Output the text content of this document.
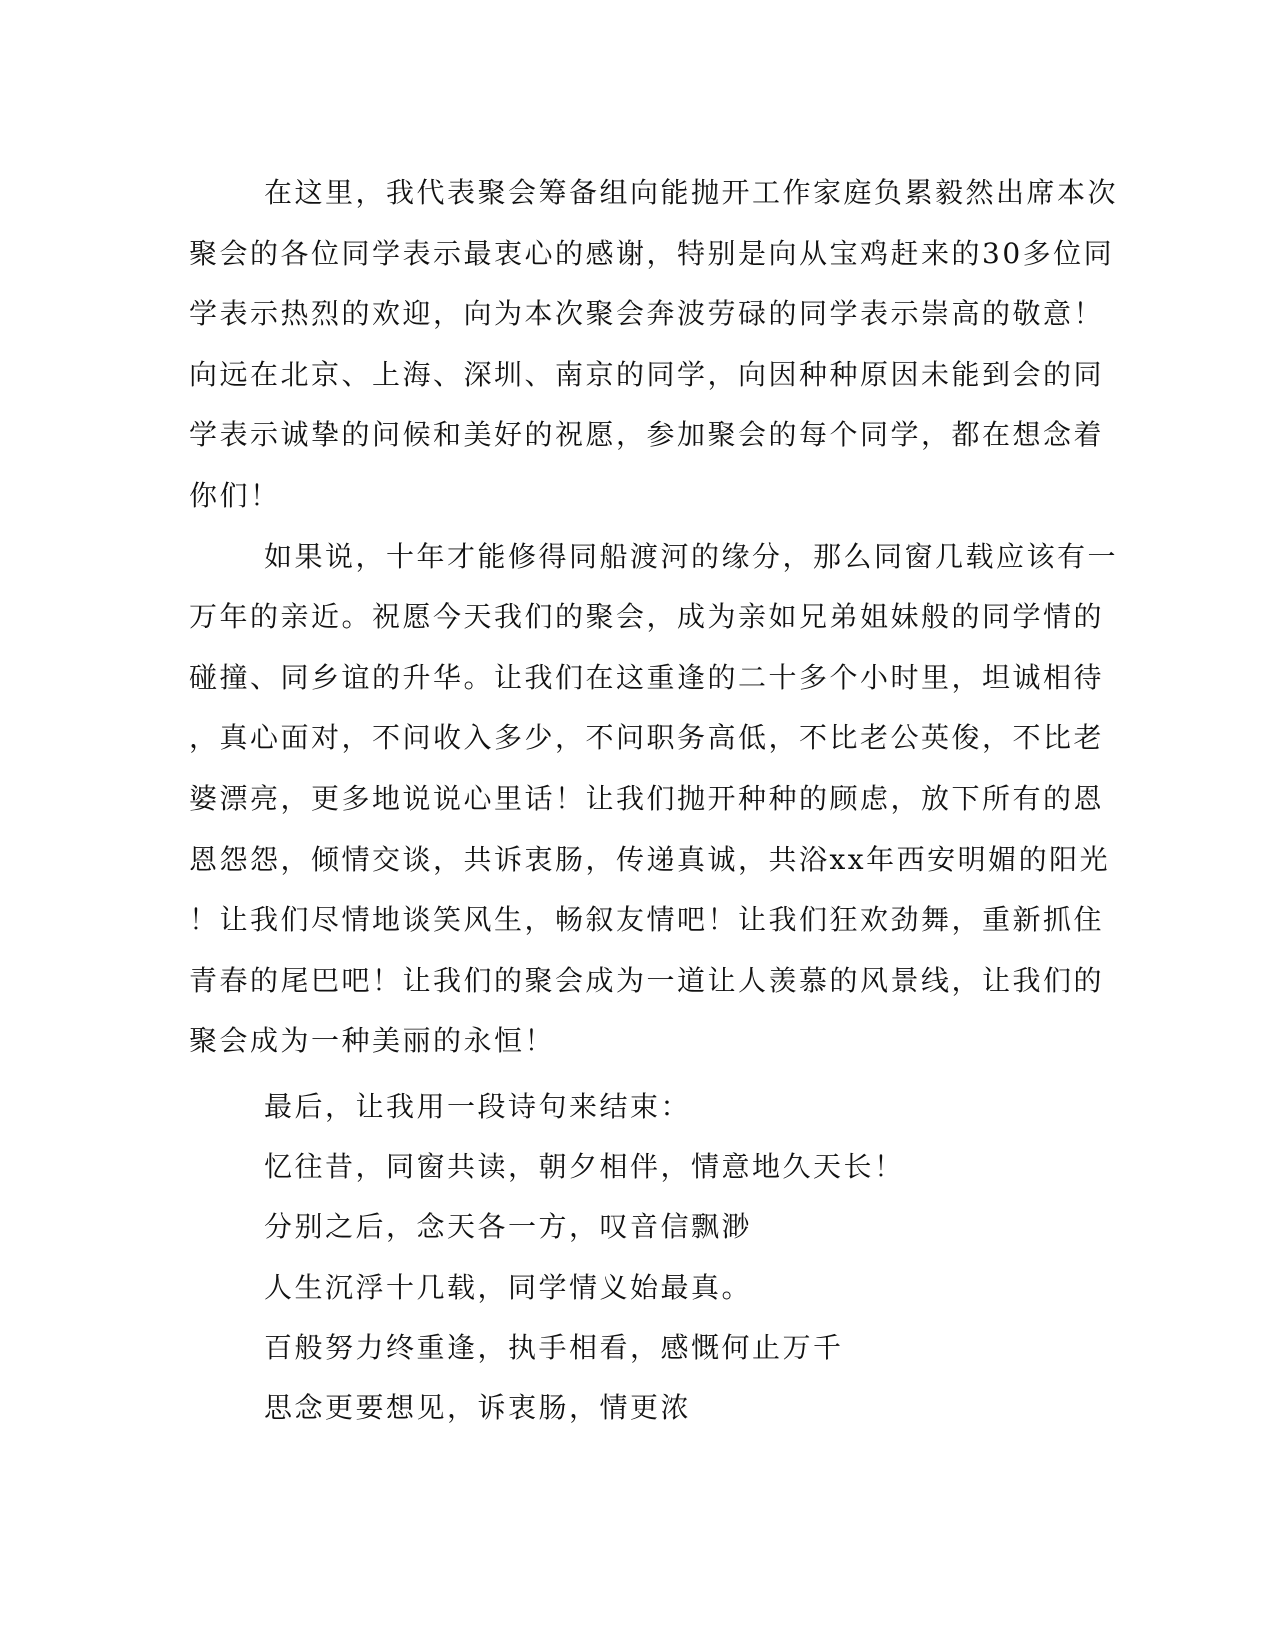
在这里，我代表聚会筹备组向能抛开工作家庭负累毅然出席本次
聚会的各位同学表示最衷心的感谢，特别是向从宝鸡赶来的30多位同
学表示热烈的欢迎，向为本次聚会奔波劳碌的同学表示崇高的敬意！
向远在北京、上海、深圳、南京的同学，向因种种原因未能到会的同
学表示诚挚的问候和美好的祝愿，参加聚会的每个同学，都在想念着
你们！
如果说，十年才能修得同船渡河的缘分，那么同窗几载应该有一
万年的亲近。祝愿今天我们的聚会，成为亲如兄弟姐妹般的同学情的
碰撞、同乡谊的升华。让我们在这重逢的二十多个小时里，坦诚相待
，真心面对，不问收入多少，不问职务高低，不比老公英俊，不比老
婆漂亮，更多地说说心里话！让我们抛开种种的顾虑，放下所有的恩
恩怨怨，倾情交谈，共诉衷肠，传递真诚，共浴xx年西安明媚的阳光
！让我们尽情地谈笑风生，畅叙友情吧！让我们狂欢劲舞，重新抓住
青春的尾巴吧！让我们的聚会成为一道让人羡慕的风景线，让我们的
聚会成为一种美丽的永恒！
最后，让我用一段诗句来结束：
忆往昔，同窗共读，朝夕相伴，情意地久天长！
分别之后，念天各一方，叹音信飘渺
人生沉浮十几载，同学情义始最真。
百般努力终重逢，执手相看，感慨何止万千
思念更要想见，诉衷肠，情更浓
